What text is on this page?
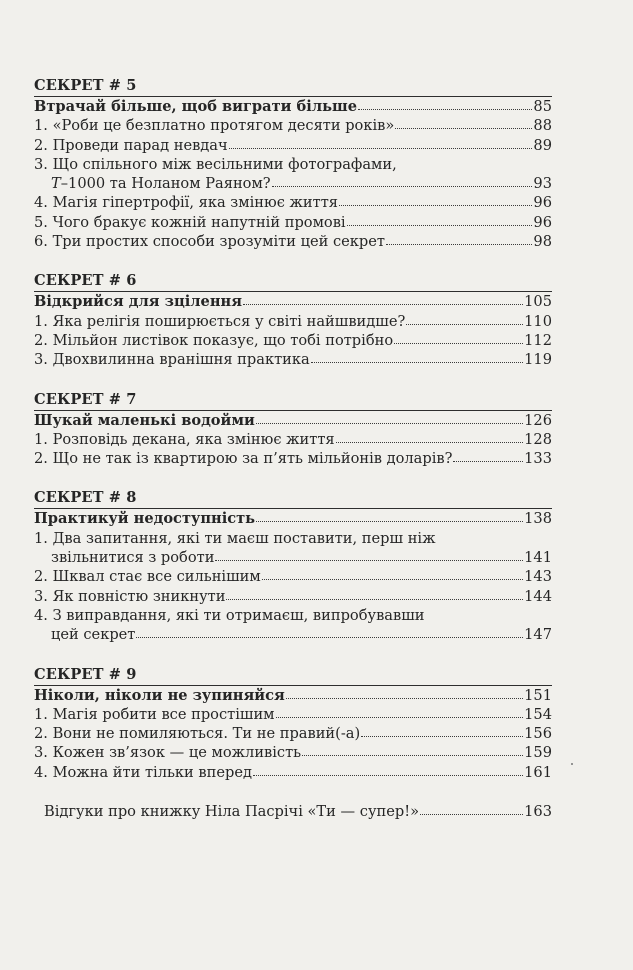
СЕКРЕТ # 5
Втрачай більше, щоб виграти більше	85
1. «Роби це безплатно протягом десяти років»	88
2. Проведи парад невдач	89
3. Що спільного між весільними фотографами,
Т–1000 та Ноланом Раяном?	93
4. Магія гіпертрофії, яка змінює життя	96
5. Чого бракує кожній напутній промові	96
6. Три простих способи зрозуміти цей секрет	98
СЕКРЕТ # 6
Відкрийся для зцілення	105
1. Яка релігія поширюється у світі найшвидше?	110
2. Мільйон листівок показує, що тобі потрібно	112
3. Двохвилинна вранішня практика	119
СЕКРЕТ # 7
Шукай маленькі водойми	126
1. Розповідь декана, яка змінює життя	128
2. Що не так із квартирою за п’ять мільйонів доларів?	133
СЕКРЕТ # 8
Практикуй недоступність	138
1. Два запитання, які ти маєш поставити, перш ніж
звільнитися з роботи	141
2. Шквал стає все сильнішим	143
3. Як повністю зникнути	144
4. З виправдання, які ти отримаєш, випробувавши
цей секрет	147
СЕКРЕТ # 9
Ніколи, ніколи не зупиняйся	151
1. Магія робити все простішим	154
2. Вони не помиляються. Ти не правий(-а)	156
3. Кожен зв’язок — це можливість	159
4. Можна йти тільки вперед	161
Відгуки про книжку Ніла Пасрічі «Ти — супер!»	163
